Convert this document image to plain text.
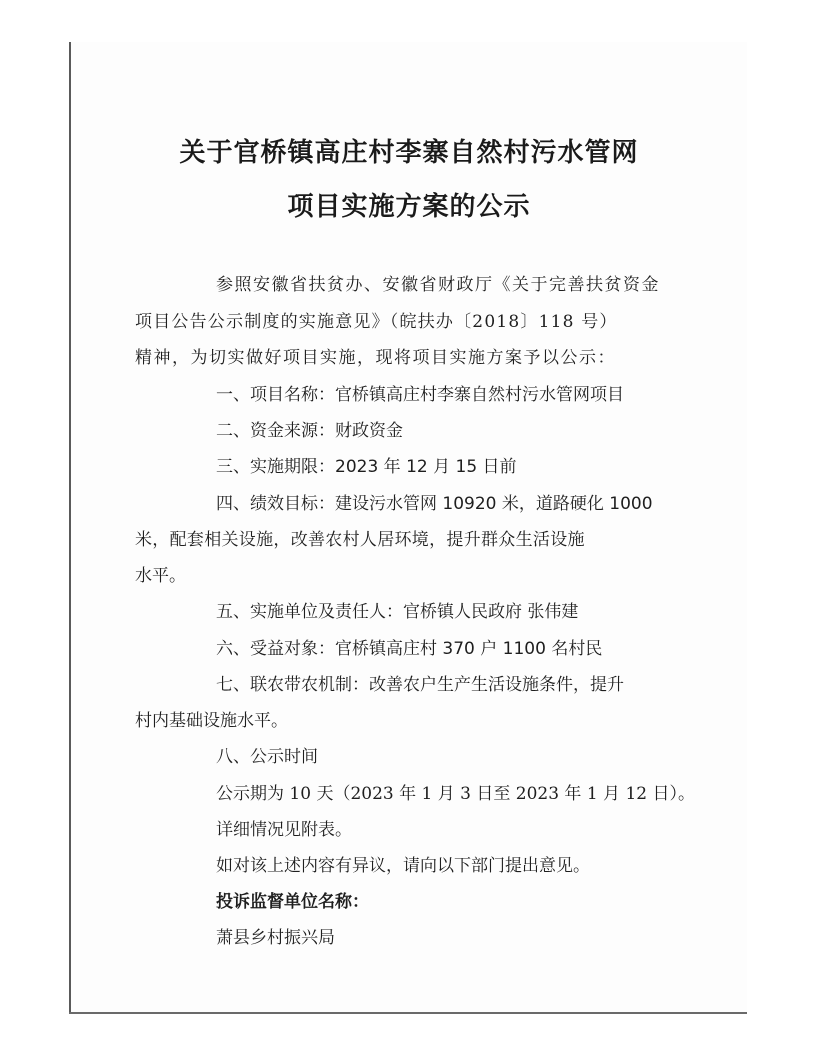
关于官桥镇高庄村李寨自然村污水管网
项目实施方案的公示
参照安徽省扶贫办、安徽省财政厅《关于完善扶贫资金
项目公告公示制度的实施意见》（皖扶办〔2018〕118 号）
精神，为切实做好项目实施，现将项目实施方案予以公示：
一、项目名称：官桥镇高庄村李寨自然村污水管网项目
二、资金来源：财政资金
三、实施期限：2023 年 12 月 15 日前
四、绩效目标：建设污水管网 10920 米，道路硬化 1000
米，配套相关设施，改善农村人居环境，提升群众生活设施
水平。
五、实施单位及责任人：官桥镇人民政府 张伟建
六、受益对象：官桥镇高庄村 370 户 1100 名村民
七、联农带农机制：改善农户生产生活设施条件，提升
村内基础设施水平。
八、公示时间
公示期为 10 天（2023 年 1 月 3 日至 2023 年 1 月 12 日）。
详细情况见附表。
如对该上述内容有异议，请向以下部门提出意见。
投诉监督单位名称：
萧县乡村振兴局
